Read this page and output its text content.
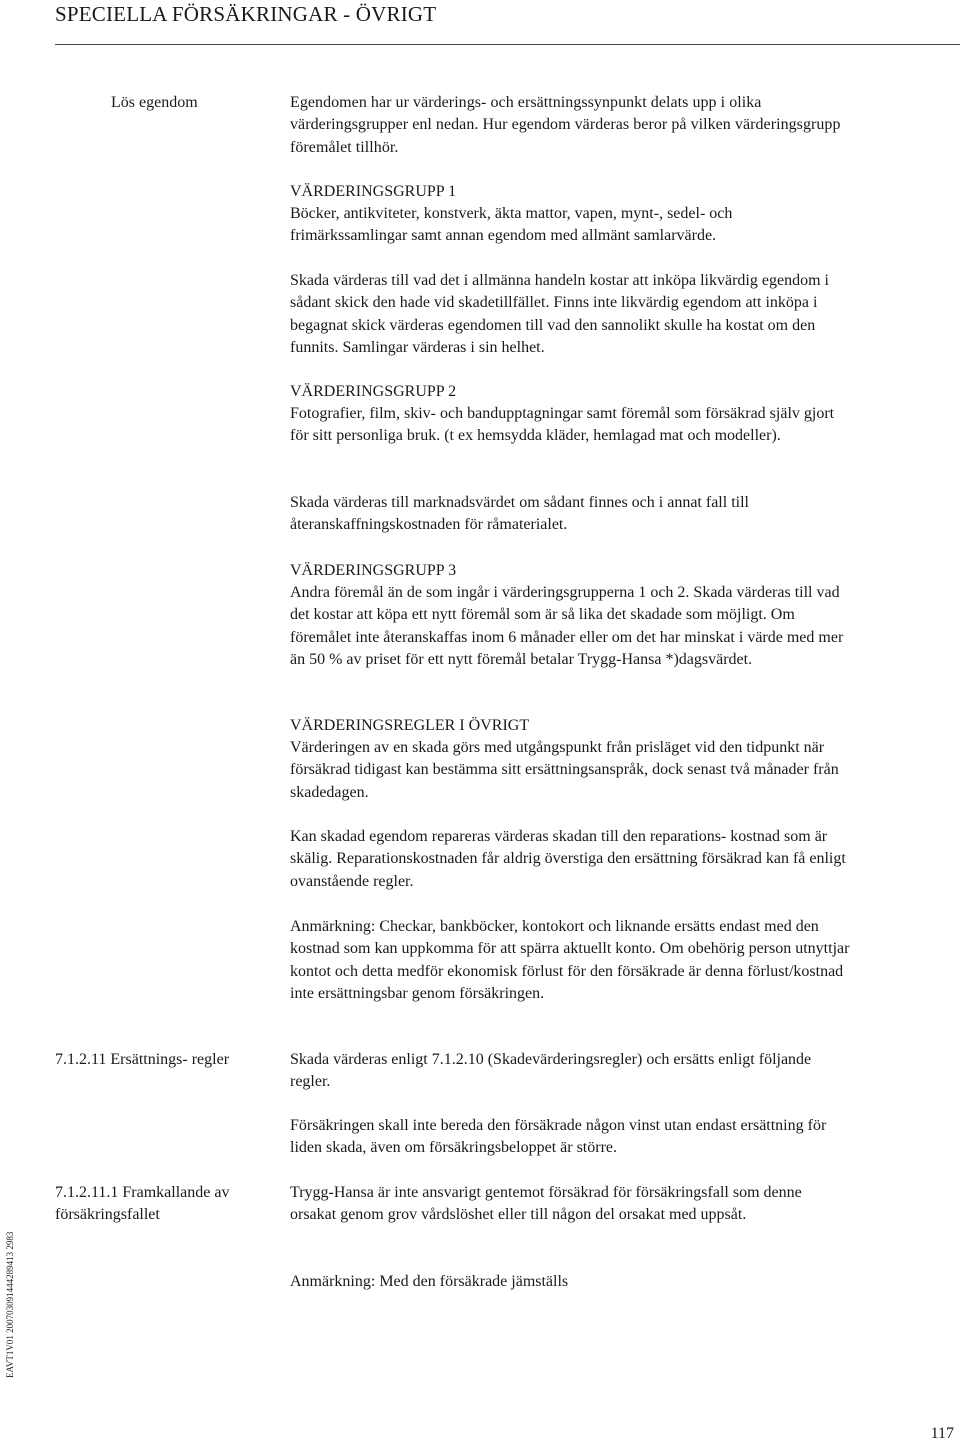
SPECIELLA FÖRSÄKRINGAR - ÖVRIGT
EAVT1V01 200703091444289413 2983
Lös egendom	Egendomen har ur värderings- och ersättningssynpunkt delats upp i olika värderingsgrupper enl nedan. Hur egendom värderas beror på vilken värderingsgrupp föremålet tillhör.

VÄRDERINGSGRUPP 1

Böcker, antikviteter, konstverk, äkta mattor, vapen, mynt-, sedel- och frimärkssamlingar samt annan egendom med allmänt samlarvärde.

Skada värderas till vad det i allmänna handeln kostar att inköpa likvärdig egendom i sådant skick den hade vid skadetillfället. Finns inte likvärdig egendom att inköpa i begagnat skick värderas egendomen till vad den sannolikt skulle ha kostat om den funnits. Samlingar värderas i sin helhet.

VÄRDERINGSGRUPP 2

Fotografier, film, skiv- och bandupptagningar samt föremål som försäkrad själv gjort för sitt personliga bruk. (t ex hemsydda kläder, hemlagad mat och modeller).

Skada värderas till marknadsvärdet om sådant finnes och i annat fall till återanskaffningskostnaden för råmaterialet.

VÄRDERINGSGRUPP 3

Andra föremål än de som ingår i värderingsgrupperna 1 och 2. Skada värderas till vad det kostar att köpa ett nytt föremål som är så lika det skadade som möjligt. Om föremålet inte återanskaffas inom 6 månader eller om det har minskat i värde med mer än 50 % av priset för ett nytt föremål betalar Trygg-Hansa *)dagsvärdet.

VÄRDERINGSREGLER I ÖVRIGT

Värderingen av en skada görs med utgångspunkt från prisläget vid den tidpunkt när försäkrad tidigast kan bestämma sitt ersättningsanspråk, dock senast två månader från skadedagen.

Kan skadad egendom repareras värderas skadan till den reparations- kostnad som är skälig. Reparationskostnaden får aldrig överstiga den ersättning försäkrad kan få enligt ovanstående regler.

Anmärkning: Checkar, bankböcker, kontokort och liknande ersätts endast med den kostnad som kan uppkomma för att spärra aktuellt konto. Om obehörig person utnyttjar kontot och detta medför ekonomisk förlust för den försäkrade är denna förlust/kostnad inte ersättningsbar genom försäkringen.

7.1.2.11 Ersättnings- regler	Skada värderas enligt 7.1.2.10 (Skadevärderingsregler) och ersätts enligt följande regler.

Försäkringen skall inte bereda den försäkrade någon vinst utan endast ersättning för liden skada, även om försäkringsbeloppet är större.

7.1.2.11.1 Framkallande av försäkringsfallet

Trygg-Hansa är inte ansvarigt gentemot försäkrad för försäkringsfall som denne orsakat genom grov vårdslöshet eller till någon del orsakat med uppsåt.

Anmärkning: Med den försäkrade jämställs

117
